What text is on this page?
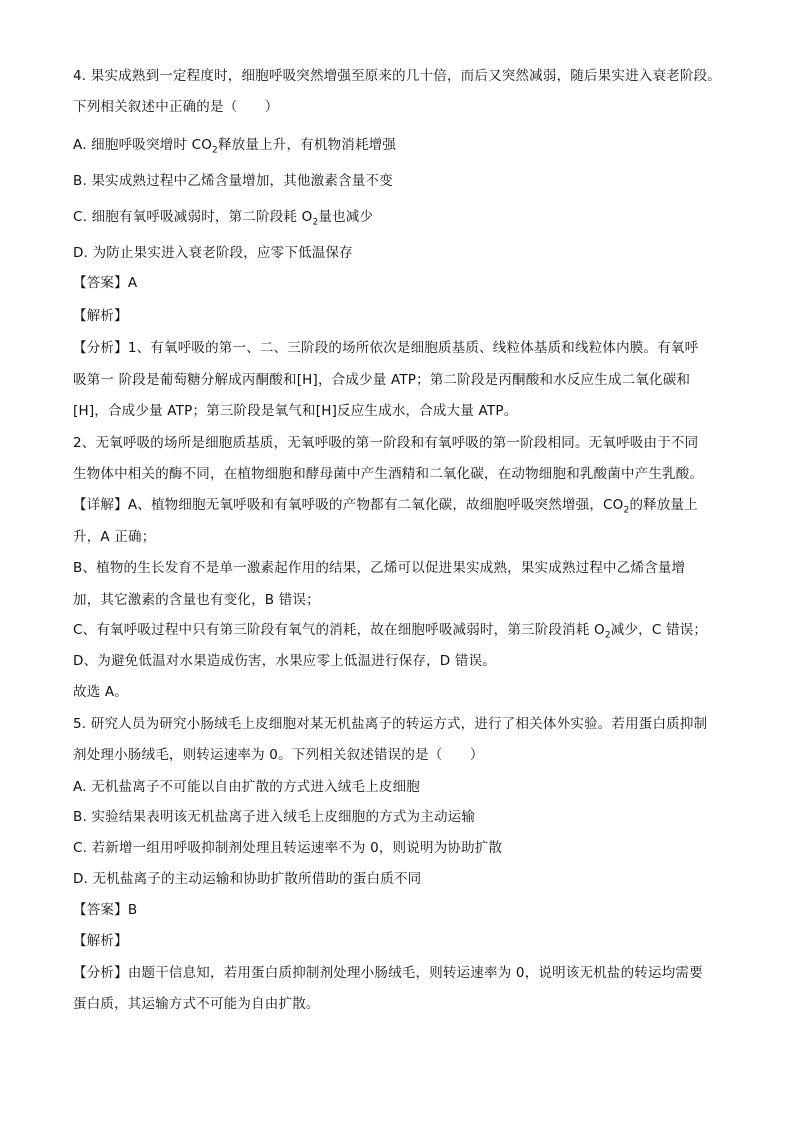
4. 果实成熟到一定程度时，细胞呼吸突然增强至原来的几十倍，而后又突然减弱，随后果实进入衰老阶段。
下列相关叙述中正确的是（　　）
A. 细胞呼吸突增时 $CO_2$释放量上升，有机物消耗增强
B. 果实成熟过程中乙烯含量增加，其他激素含量不变
C. 细胞有氧呼吸减弱时，第二阶段耗 $O_2$量也减少
D. 为防止果实进入衰老阶段，应零下低温保存
【答案】A
【解析】
【分析】1、有氧呼吸的第一、二、三阶段的场所依次是细胞质基质、线粒体基质和线粒体内膜。有氧呼
吸第一 阶段是葡萄糖分解成丙酮酸和[H]，合成少量 ATP；第二阶段是丙酮酸和水反应生成二氧化碳和
[H]，合成少量 ATP；第三阶段是氧气和[H]反应生成水，合成大量 ATP。
2、无氧呼吸的场所是细胞质基质，无氧呼吸的第一阶段和有氧呼吸的第一阶段相同。无氧呼吸由于不同
生物体中相关的酶不同，在植物细胞和酵母菌中产生酒精和二氧化碳，在动物细胞和乳酸菌中产生乳酸。
【详解】A、植物细胞无氧呼吸和有氧呼吸的产物都有二氧化碳，故细胞呼吸突然增强，$CO_2$的释放量上
升，A 正确；
B、植物的生长发育不是单一激素起作用的结果，乙烯可以促进果实成熟，果实成熟过程中乙烯含量增
加，其它激素的含量也有变化，B 错误；
C、有氧呼吸过程中只有第三阶段有氧气的消耗，故在细胞呼吸减弱时，第三阶段消耗 $O_2$减少，C 错误；
D、为避免低温对水果造成伤害，水果应零上低温进行保存，D 错误。
故选 A。
5. 研究人员为研究小肠绒毛上皮细胞对某无机盐离子的转运方式，进行了相关体外实验。若用蛋白质抑制
剂处理小肠绒毛，则转运速率为 0。下列相关叙述错误的是（　　）
A. 无机盐离子不可能以自由扩散的方式进入绒毛上皮细胞
B. 实验结果表明该无机盐离子进入绒毛上皮细胞的方式为主动运输
C. 若新增一组用呼吸抑制剂处理且转运速率不为 0，则说明为协助扩散
D. 无机盐离子的主动运输和协助扩散所借助的蛋白质不同
【答案】B
【解析】
【分析】由题干信息知，若用蛋白质抑制剂处理小肠绒毛，则转运速率为 0，说明该无机盐的转运均需要
蛋白质，其运输方式不可能为自由扩散。
